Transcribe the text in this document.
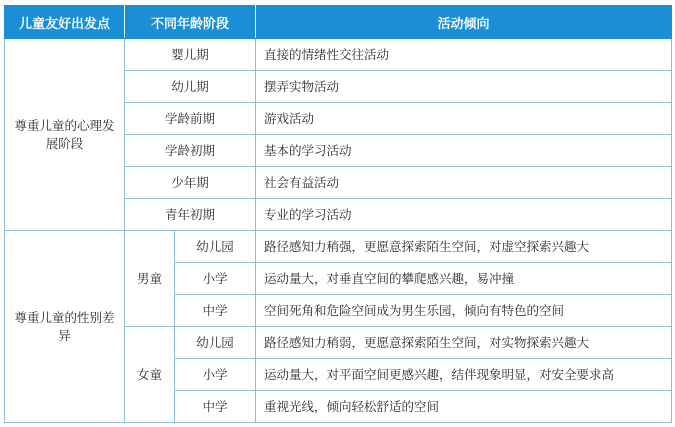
儿童友好出发点	不同年龄阶段		活动倾向
尊重儿童的心理发展阶段	婴儿期		直接的情绪性交往活动
	幼儿期		摆弄实物活动
	学龄前期		游戏活动
	学龄初期		基本的学习活动
	少年期		社会有益活动
	青年初期		专业的学习活动
尊重儿童的性别差异	男童	幼儿园	路径感知力稍强，更愿意探索陌生空间，对虚空探索兴趣大
		小学	运动量大，对垂直空间的攀爬感兴趣，易冲撞
		中学	空间死角和危险空间成为男生乐园，倾向有特色的空间
	女童	幼儿园	路径感知力稍弱，更愿意探索陌生空间，对实物探索兴趣大
		小学	运动量大，对平面空间更感兴趣，结伴现象明显，对安全要求高
		中学	重视光线，倾向轻松舒适的空间
